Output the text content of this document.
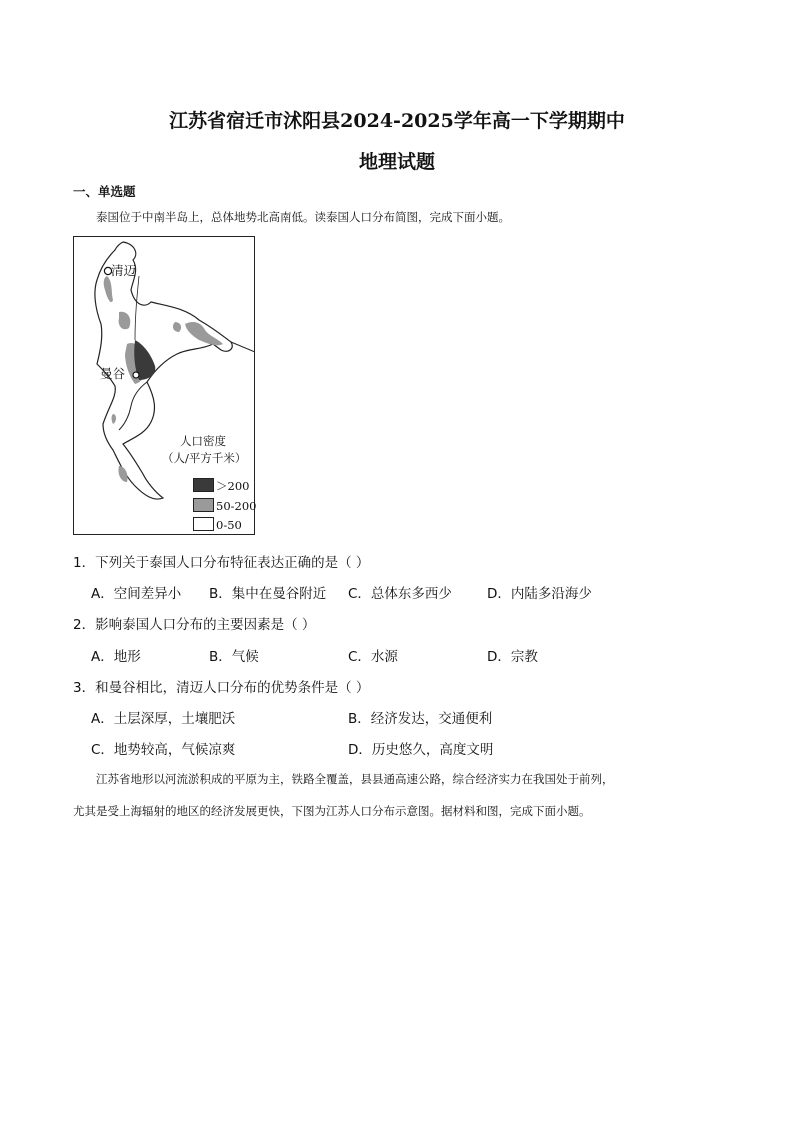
江苏省宿迁市沭阳县2024-2025学年高一下学期期中
地理试题
一、单选题
泰国位于中南半岛上，总体地势北高南低。读泰国人口分布简图，完成下面小题。
清迈
曼谷
人口密度
（人/平方千米）
＞200
50-200
0-50
1．下列关于泰国人口分布特征表达正确的是（ ）
A．空间差异小 B．集中在曼谷附近 C．总体东多西少	D．内陆多沿海少
2．影响泰国人口分布的主要因素是（ ）
A．地形	B．气候	C．水源	D．宗教
3．和曼谷相比，清迈人口分布的优势条件是（ ）
A．土层深厚，土壤肥沃	B．经济发达，交通便利
C．地势较高，气候凉爽	D．历史悠久，高度文明
江苏省地形以河流淤积成的平原为主，铁路全覆盖，县县通高速公路，综合经济实力在我国处于前列，
尤其是受上海辐射的地区的经济发展更快，下图为江苏人口分布示意图。据材料和图，完成下面小题。
